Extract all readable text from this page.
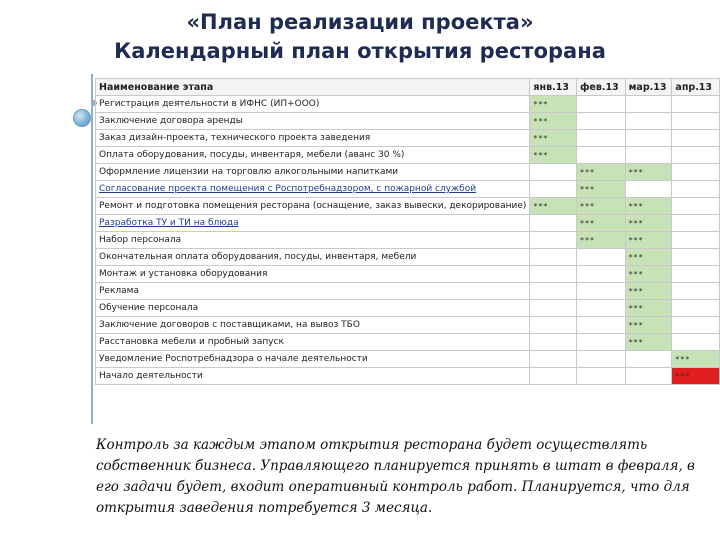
«План реализации проекта»
Календарный план открытия ресторана
Наименование этапа	янв.13	фев.13	мар.13	апр.13
Регистрация деятельности в ИФНС (ИП+ООО)	***			
Заключение договора аренды	***			
Заказ дизайн-проекта, технического проекта заведения	***			
Оплата оборудования, посуды, инвентаря, мебели (аванс 30 %)	***			
Оформление лицензии на торговлю алкогольными напитками		***	***	
Согласование проекта помещения с Роспотребнадзором, с пожарной службой		***		
Ремонт и подготовка помещения ресторана (оснащение, заказ вывески, декорирование)	***	***	***	
Разработка ТУ и ТИ на блюда		***	***	
Набор персонала		***	***	
Окончательная оплата оборудования, посуды, инвентаря, мебели			***	
Монтаж и установка оборудования			***	
Реклама			***	
Обучение персонала			***	
Заключение договоров с поставщиками, на вывоз ТБО			***	
Расстановка мебели и пробный запуск			***	
Уведомление Роспотребнадзора о начале деятельности				***
Начало деятельности				***
Контроль за каждым этапом открытия ресторана будет осуществлять собственник бизнеса. Управляющего планируется принять в штат в февраля, в его задачи будет, входит оперативный контроль работ. Планируется, что для открытия заведения потребуется 3 месяца.
